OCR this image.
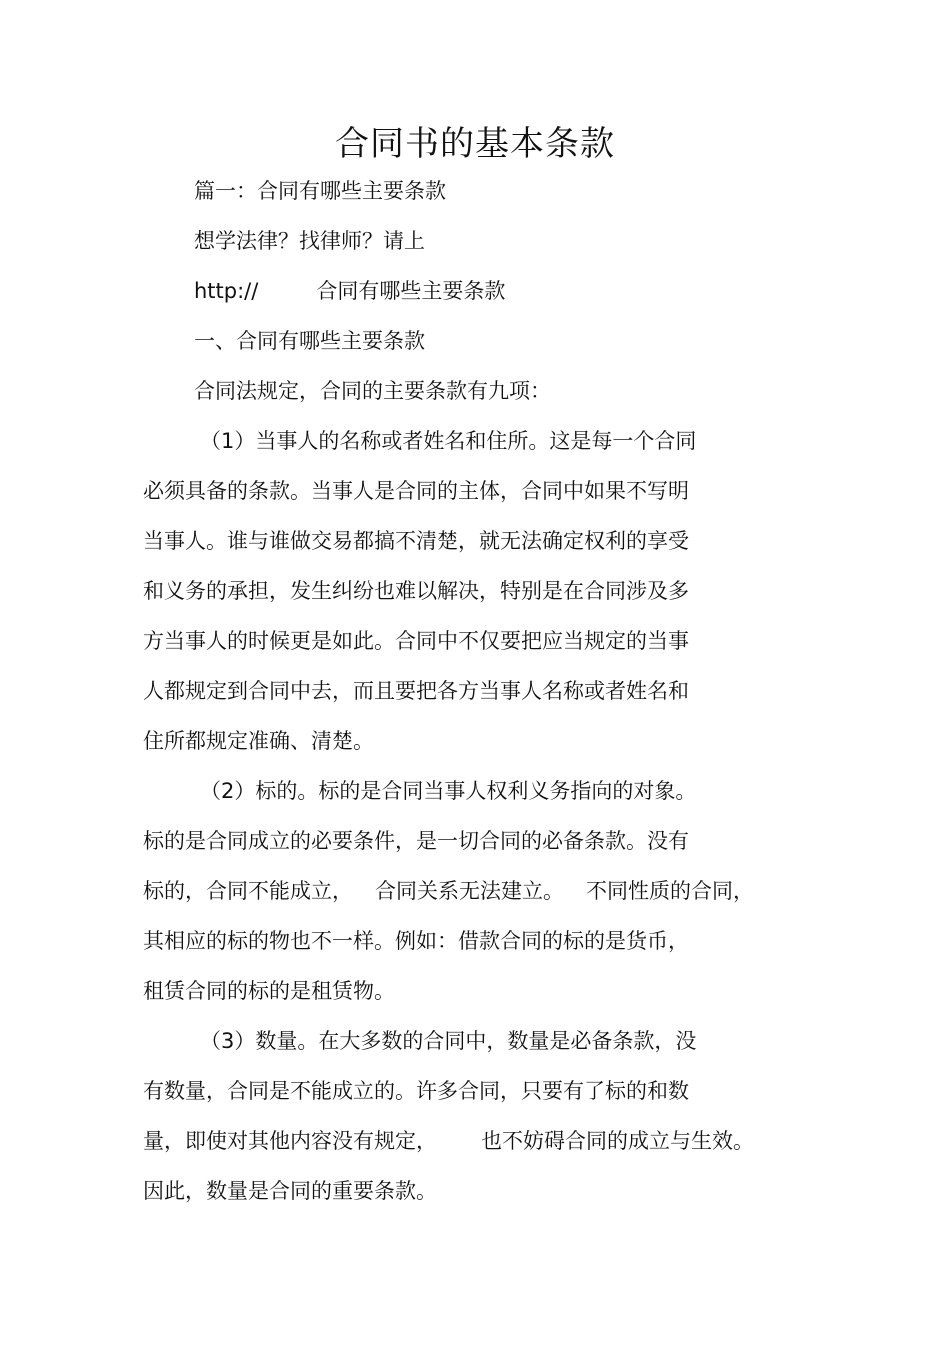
合同书的基本条款

篇一：合同有哪些主要条款

想学法律？找律师？请上

http://	合同有哪些主要条款

一、合同有哪些主要条款

合同法规定，合同的主要条款有九项：

（1）当事人的名称或者姓名和住所。这是每一个合同

必须具备的条款。当事人是合同的主体，合同中如果不写明

当事人。谁与谁做交易都搞不清楚，就无法确定权利的享受

和义务的承担，发生纠纷也难以解决，特别是在合同涉及多

方当事人的时候更是如此。合同中不仅要把应当规定的当事

人都规定到合同中去，而且要把各方当事人名称或者姓名和

住所都规定准确、清楚。

（2）标的。标的是合同当事人权利义务指向的对象。

标的是合同成立的必要条件，是一切合同的必备条款。没有

标的，合同不能成立， 合同关系无法建立。 不同性质的合同，

其相应的标的物也不一样。例如：借款合同的标的是货币，

租赁合同的标的是租赁物。

（3）数量。在大多数的合同中，数量是必备条款，没

有数量，合同是不能成立的。许多合同，只要有了标的和数

量，即使对其他内容没有规定， 也不妨碍合同的成立与生效。

因此，数量是合同的重要条款。
